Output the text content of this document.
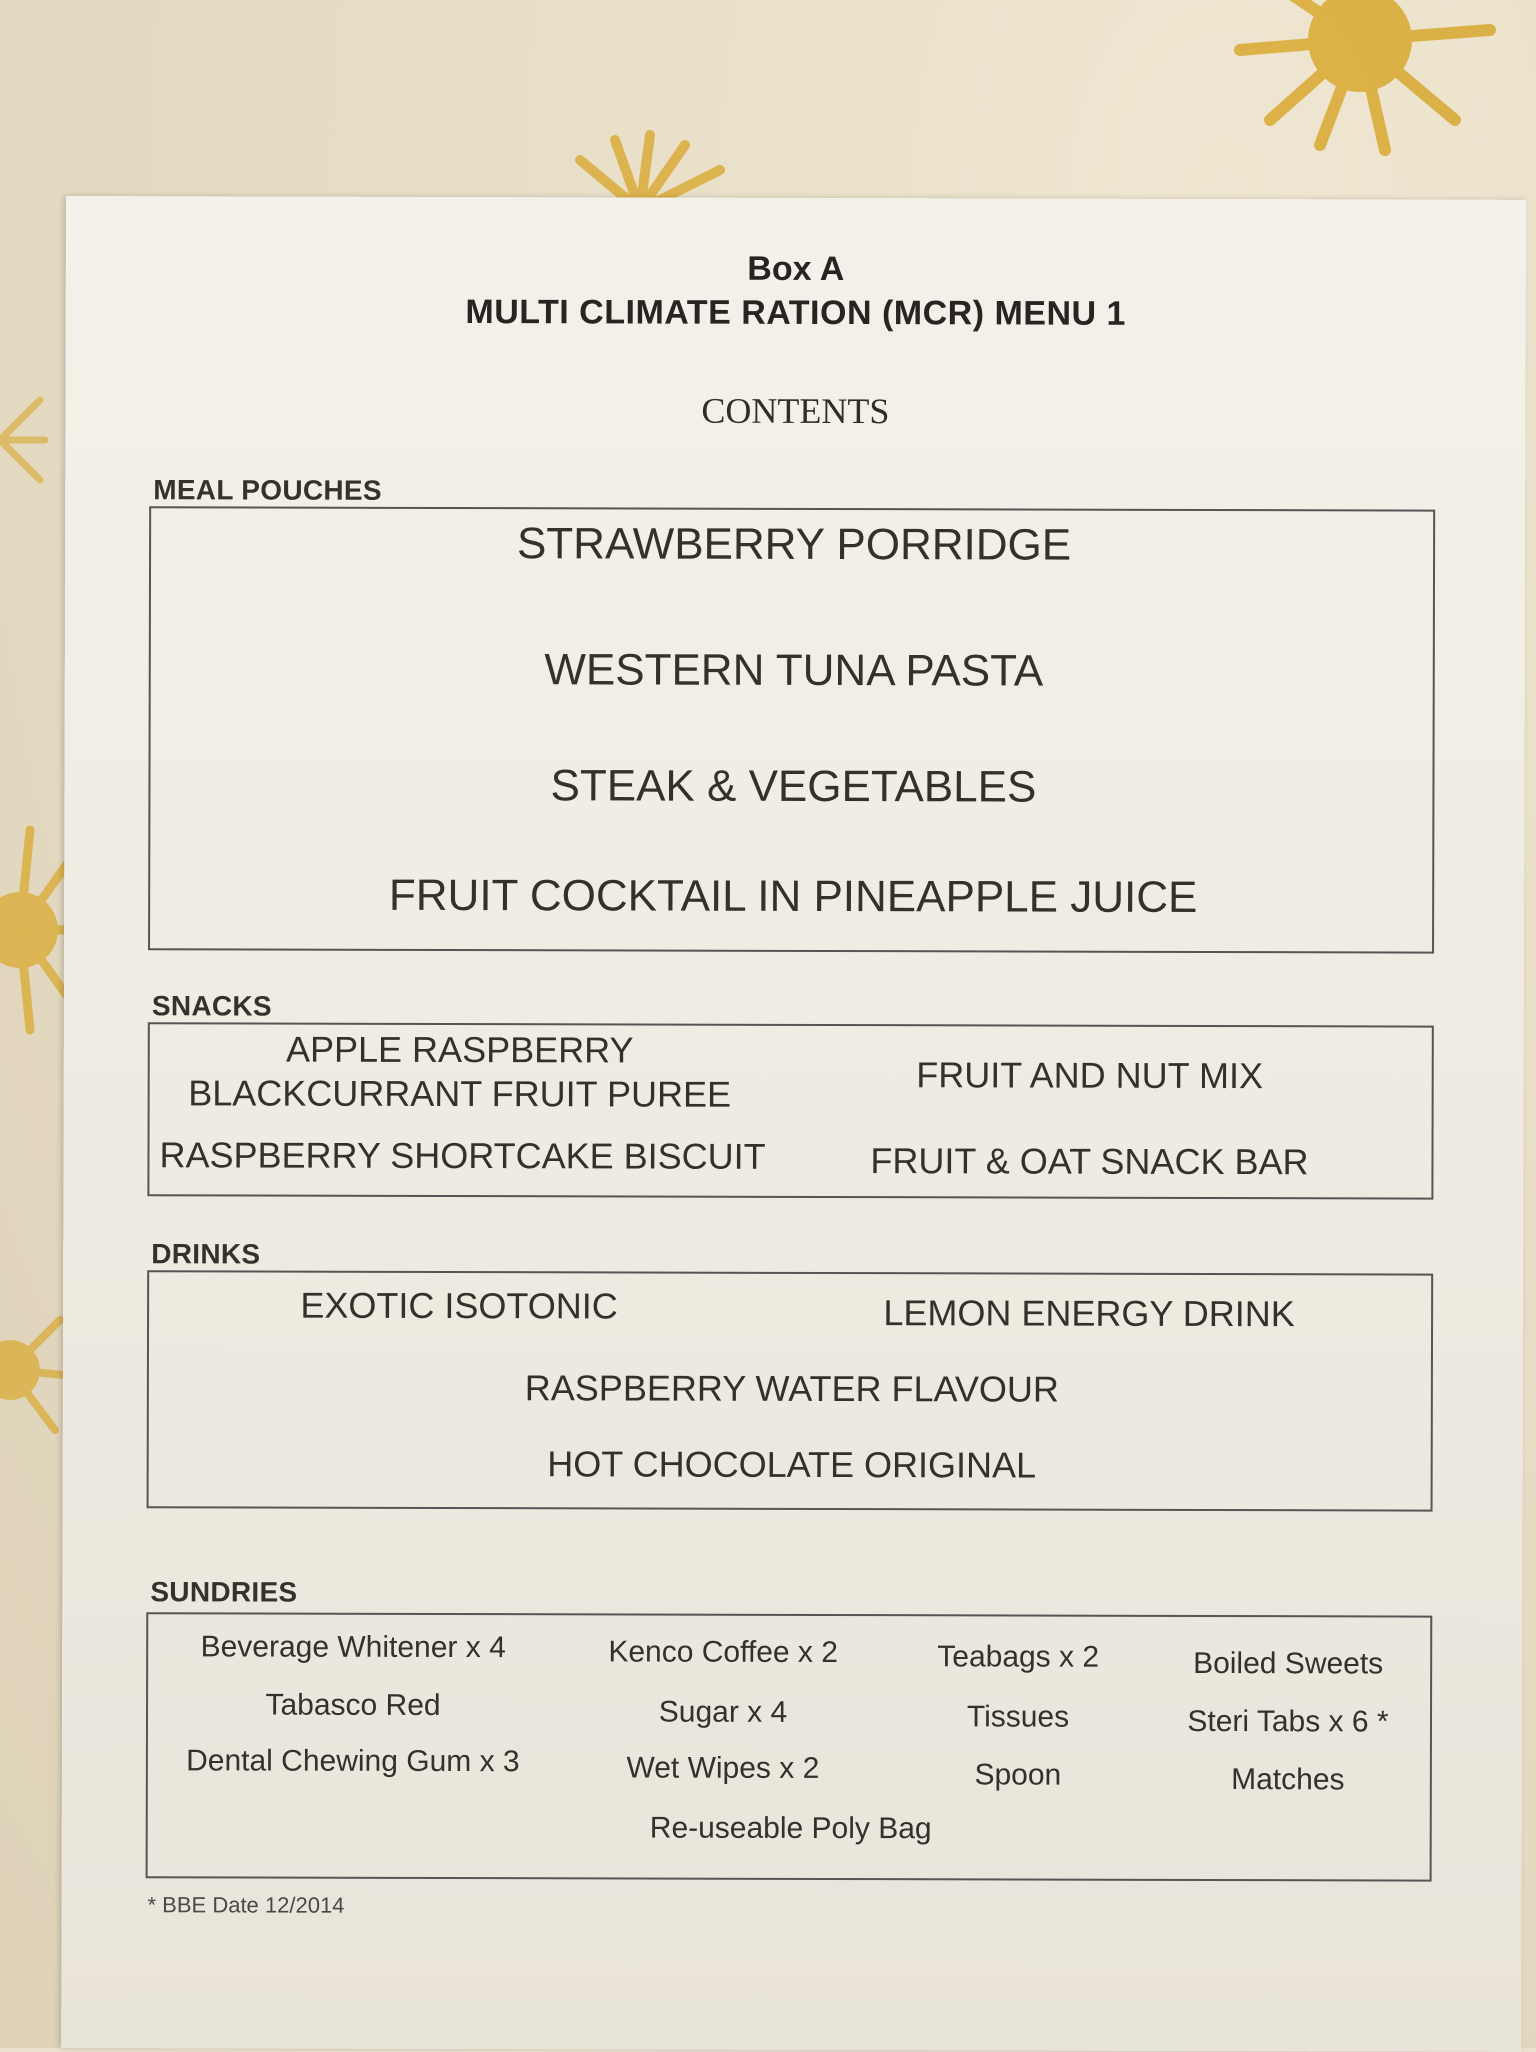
Box A
MULTI CLIMATE RATION (MCR) MENU 1
CONTENTS
MEAL POUCHES
STRAWBERRY PORRIDGE
WESTERN TUNA PASTA
STEAK & VEGETABLES
FRUIT COCKTAIL IN PINEAPPLE JUICE
SNACKS
APPLE RASPBERRY
BLACKCURRANT FRUIT PUREE	FRUIT AND NUT MIX
RASPBERRY SHORTCAKE BISCUIT	FRUIT & OAT SNACK BAR
DRINKS
EXOTIC ISOTONIC	LEMON ENERGY DRINK
RASPBERRY WATER FLAVOUR
HOT CHOCOLATE ORIGINAL
SUNDRIES
Beverage Whitener x 4	Kenco Coffee x 2	Teabags x 2	Boiled Sweets
Tabasco Red	Sugar x 4	Tissues	Steri Tabs x 6 *
Dental Chewing Gum x 3	Wet Wipes x 2	Spoon	Matches
Re-useable Poly Bag
* BBE Date 12/2014
